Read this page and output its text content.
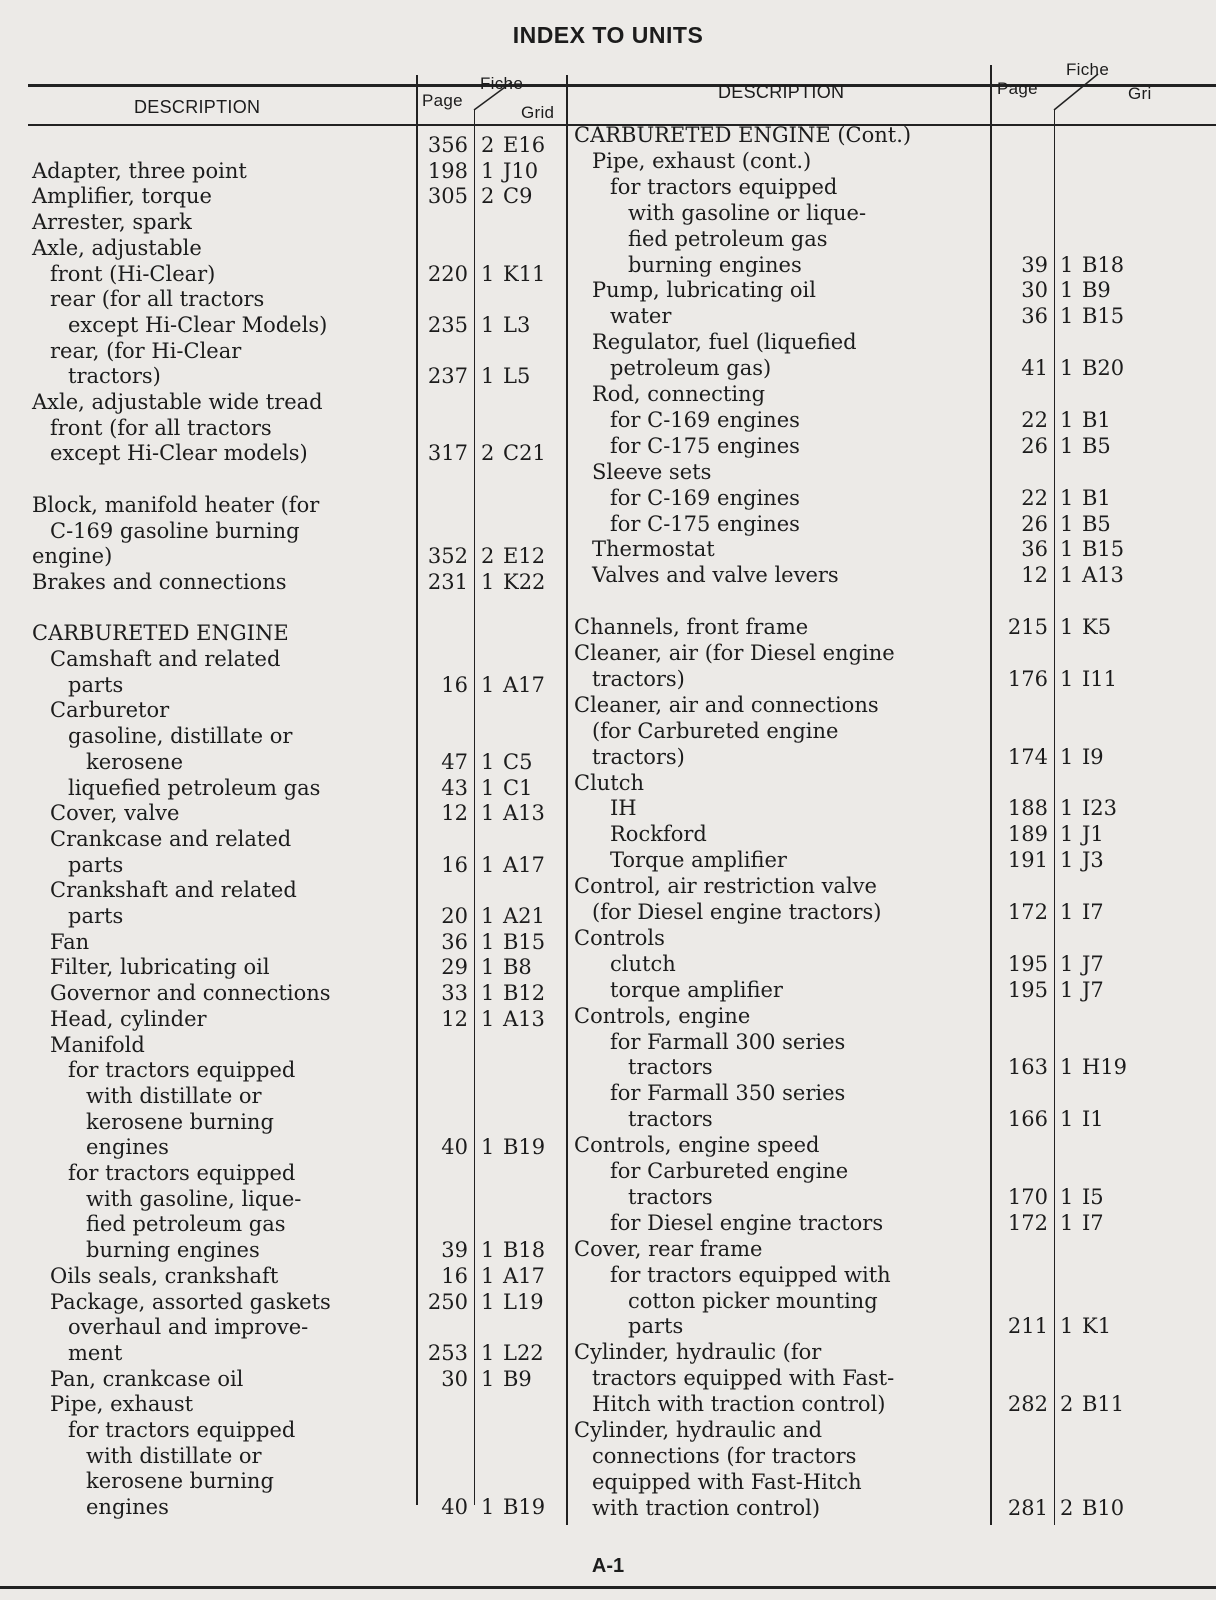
INDEX TO UNITS
DESCRIPTION	Page
Fiche
Grid
DESCRIPTION	Page
Fiche
Gri
356 2 E16
Adapter, three point	198 1 J10
Amplifier, torque	305 2 C9
Arrester, spark
Axle, adjustable
front (Hi-Clear)	220 1 K11
rear (for all tractors
except Hi-Clear Models)	235 1 L3
rear, (for Hi-Clear
tractors)	237 1 L5
Axle, adjustable wide tread
front (for all tractors
except Hi-Clear models)	317 2 C21
Block, manifold heater (for
C-169 gasoline burning
engine)	352 2 E12
Brakes and connections	231 1 K22
CARBURETED ENGINE
Camshaft and related
parts	16 1 A17
Carburetor
gasoline, distillate or
kerosene	47 1 C5
liquefied petroleum gas	43 1 C1
Cover, valve	12 1 A13
Crankcase and related
parts	16 1 A17
Crankshaft and related
parts	20 1 A21
Fan	36 1 B15
Filter, lubricating oil	29 1 B8
Governor and connections	33 1 B12
Head, cylinder	12 1 A13
Manifold
for tractors equipped
with distillate or
kerosene burning
engines	40 1 B19
for tractors equipped
with gasoline, lique-
fied petroleum gas
burning engines	39 1 B18
Oils seals, crankshaft	16 1 A17
Package, assorted gaskets	250 1 L19
overhaul and improve-
ment	253 1 L22
Pan, crankcase oil	30 1 B9
Pipe, exhaust
for tractors equipped
with distillate or
kerosene burning
engines	40 1 B19
CARBURETED ENGINE (Cont.)
Pipe, exhaust (cont.)
for tractors equipped
with gasoline or lique-
fied petroleum gas
burning engines	39 1 B18
Pump, lubricating oil	30 1 B9
water	36 1 B15
Regulator, fuel (liquefied
petroleum gas)	41 1 B20
Rod, connecting
for C-169 engines	22 1 B1
for C-175 engines	26 1 B5
Sleeve sets
for C-169 engines	22 1 B1
for C-175 engines	26 1 B5
Thermostat	36 1 B15
Valves and valve levers	12 1 A13
Channels, front frame	215 1 K5
Cleaner, air (for Diesel engine
tractors)	176 1 I11
Cleaner, air and connections
(for Carbureted engine
tractors)	174 1 I9
Clutch
IH	188 1 I23
Rockford	189 1 J1
Torque amplifier	191 1 J3
Control, air restriction valve
(for Diesel engine tractors)	172 1 I7
Controls
clutch	195 1 J7
torque amplifier	195 1 J7
Controls, engine
for Farmall 300 series
tractors	163 1 H19
for Farmall 350 series
tractors	166 1 I1
Controls, engine speed
for Carbureted engine
tractors	170 1 I5
for Diesel engine tractors	172 1 I7
Cover, rear frame
for tractors equipped with
cotton picker mounting
parts	211 1 K1
Cylinder, hydraulic (for
tractors equipped with Fast-
Hitch with traction control)	282 2 B11
Cylinder, hydraulic and
connections (for tractors
equipped with Fast-Hitch
with traction control)	281 2 B10
A-1
